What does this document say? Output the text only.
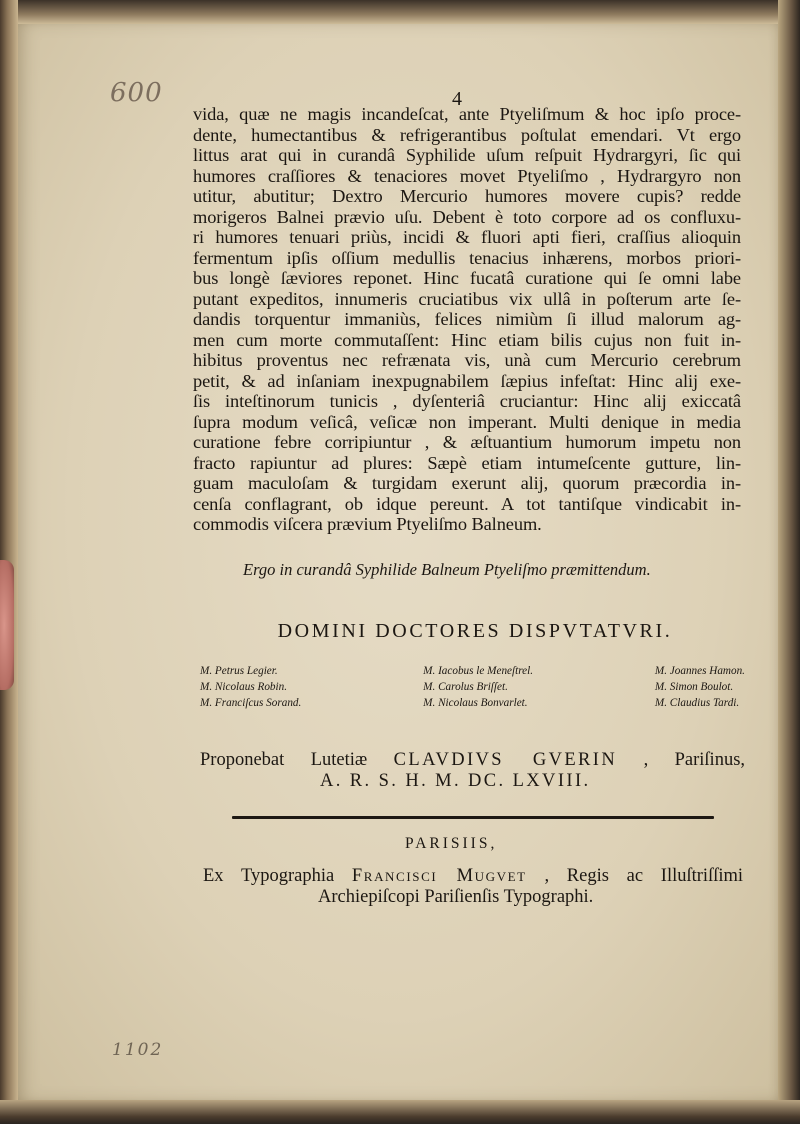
600	4
vida, quæ ne magis incandeſcat, ante Ptyeliſmum & hoc ipſo proce-
dente, humectantibus & refrigerantibus poſtulat emendari. Vt ergo
littus arat qui in curandâ Syphilide uſum reſpuit Hydrargyri, ſic qui
humores craſſiores & tenaciores movet Ptyeliſmo , Hydrargyro non
utitur, abutitur; Dextro Mercurio humores movere cupis? redde
morigeros Balnei prævio uſu. Debent è toto corpore ad os confluxu-
ri humores tenuari priùs, incidi & fluori apti fieri, craſſius alioquin
fermentum ipſis oſſium medullis tenacius inhærens, morbos priori-
bus longè ſæviores reponet. Hinc fucatâ curatione qui ſe omni labe
putant expeditos, innumeris cruciatibus vix ullâ in poſterum arte ſe-
dandis torquentur immaniùs, felices nimiùm ſi illud malorum ag-
men cum morte commutaſſent: Hinc etiam bilis cujus non fuit in-
hibitus proventus nec refrænata vis, unà cum Mercurio cerebrum
petit, & ad inſaniam inexpugnabilem ſæpius infeſtat: Hinc alij exe-
ſis inteſtinorum tunicis , dyſenteriâ cruciantur: Hinc alij exiccatâ
ſupra modum veſicâ, veſicæ non imperant. Multi denique in media
curatione febre corripiuntur , & æſtuantium humorum impetu non
fracto rapiuntur ad plures: Sæpè etiam intumeſcente gutture, lin-
guam maculoſam & turgidam exerunt alij, quorum præcordia in-
cenſa conflagrant, ob idque pereunt. A tot tantiſque vindicabit in-
commodis viſcera prævium Ptyeliſmo Balneum.
Ergo in curandâ Syphilide Balneum Ptyeliſmo præmittendum.
DOMINI DOCTORES DISPVTATVRI.
M. Petrus Legier.
M. Nicolaus Robin.
M. Franciſcus Sorand.
M. Iacobus le Meneſtrel.
M. Carolus Briſſet.
M. Nicolaus Bonvarlet.
M. Joannes Hamon.
M. Simon Boulot.
M. Claudius Tardi.
Proponebat Lutetiæ CLAVDIVS GVERIN , Pariſinus,
A. R. S. H. M. DC. LXVIII.
PARISIIS,
Ex Typographia Francisci Mugvet , Regis ac Illuſtriſſimi
Archiepiſcopi Pariſienſis Typographi.
1102
